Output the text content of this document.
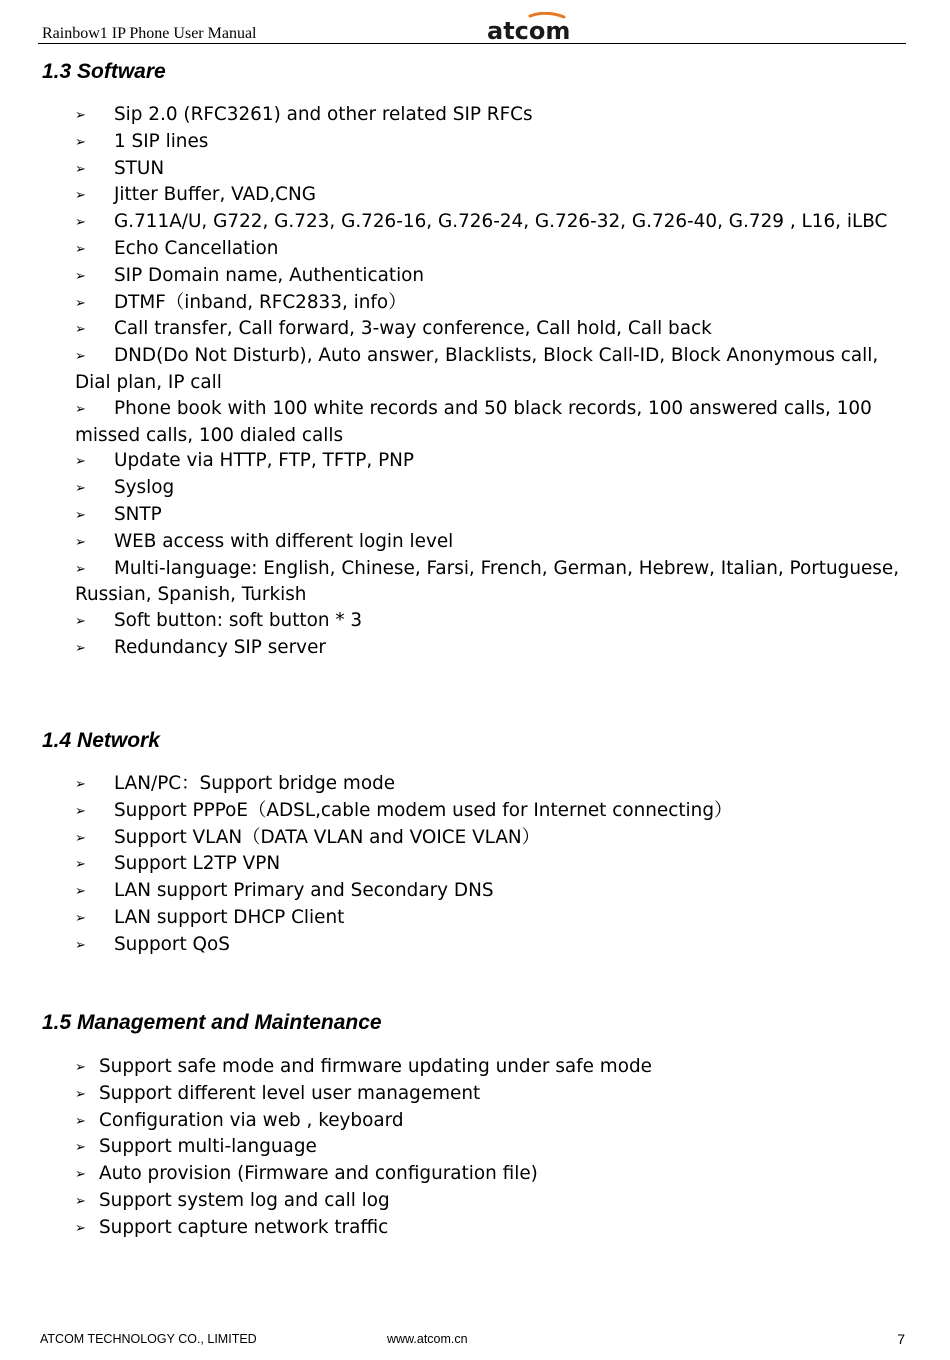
Rainbow1 IP Phone User Manual	atcom
1.3 Software
➢ Sip 2.0 (RFC3261) and other related SIP RFCs
➢ 1 SIP lines
➢ STUN
➢ Jitter Buffer, VAD,CNG
➢ G.711A/U, G722, G.723, G.726-16, G.726-24, G.726-32, G.726-40, G.729 , L16, iLBC
➢ Echo Cancellation
➢ SIP Domain name, Authentication
➢ DTMF（inband, RFC2833, info）
➢ Call transfer, Call forward, 3-way conference, Call hold, Call back
➢ DND(Do Not Disturb), Auto answer, Blacklists, Block Call-ID, Block Anonymous call, Dial plan, IP call
➢ Phone book with 100 white records and 50 black records, 100 answered calls, 100 missed calls, 100 dialed calls
➢ Update via HTTP, FTP, TFTP, PNP
➢ Syslog
➢ SNTP
➢ WEB access with different login level
➢ Multi-language: English, Chinese, Farsi, French, German, Hebrew, Italian, Portuguese,    Russian, Spanish, Turkish
➢ Soft button: soft button * 3
➢ Redundancy SIP server
1.4 Network
➢ LAN/PC：Support bridge mode
➢ Support PPPoE（ADSL,cable modem used for Internet connecting）
➢ Support VLAN（DATA VLAN and VOICE VLAN）
➢ Support L2TP VPN
➢ LAN support Primary and Secondary DNS
➢ LAN support DHCP Client
➢ Support QoS
1.5 Management and Maintenance
➢ Support safe mode and firmware updating under safe mode
➢ Support different level user management
➢ Configuration via web , keyboard
➢ Support multi-language
➢ Auto provision (Firmware and configuration file)
➢ Support system log and call log
➢ Support capture network traffic
ATCOM TECHNOLOGY CO., LIMITED	www.atcom.cn	7
